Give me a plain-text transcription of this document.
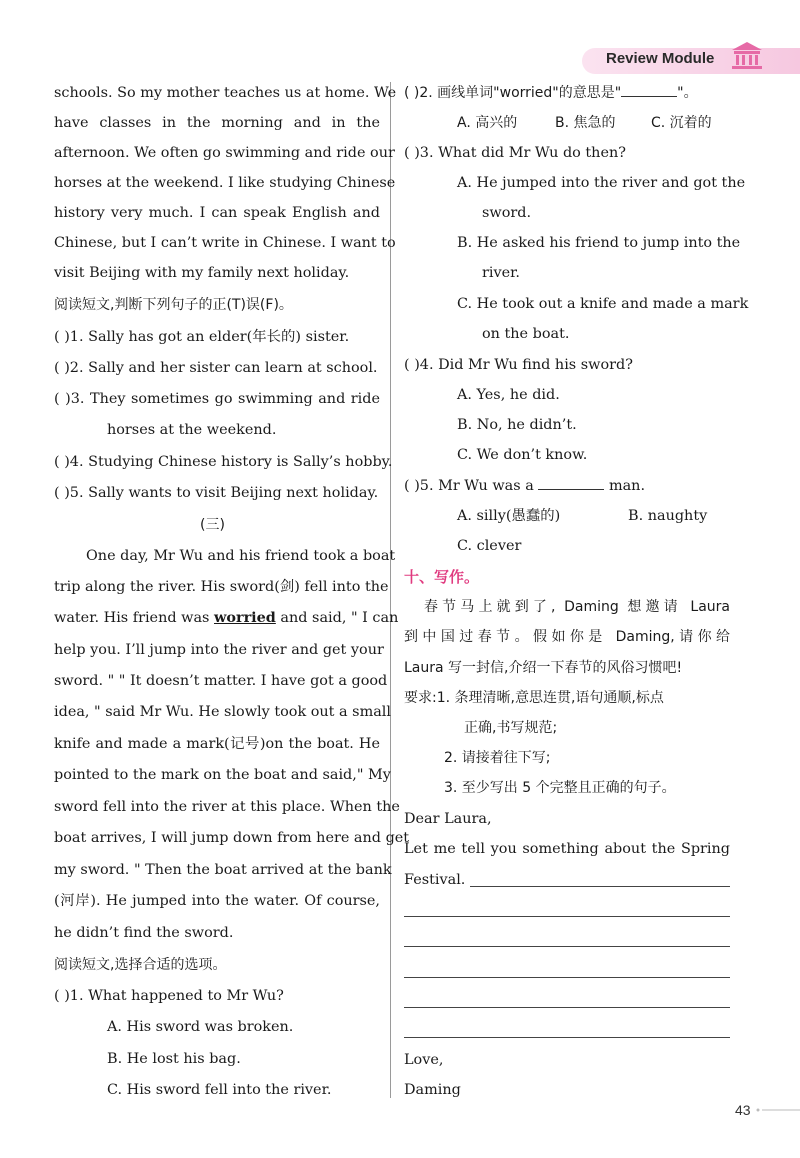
Review Module
schools. So my mother teaches us at home. We
have classes in the morning and in the
afternoon. We often go swimming and ride our
horses at the weekend. I like studying Chinese
history very much. I can speak English and
Chinese, but I can’t write in Chinese. I want to
visit Beijing with my family next holiday.
阅读短文,判断下列句子的正(T)误(F)。
( )1. Sally has got an elder(年长的) sister.
( )2. Sally and her sister can learn at school.
( )3. They sometimes go swimming and ride
horses at the weekend.
( )4. Studying Chinese history is Sally’s hobby.
( )5. Sally wants to visit Beijing next holiday.
(三)
One day, Mr Wu and his friend took a boat
trip along the river. His sword(剑) fell into the
water. His friend was worried and said, " I can
help you. I’ll jump into the river and get your
sword. " " It doesn’t matter. I have got a good
idea, " said Mr Wu. He slowly took out a small
knife and made a mark(记号)on the boat. He
pointed to the mark on the boat and said," My
sword fell into the river at this place. When the
boat arrives, I will jump down from here and get
my sword. " Then the boat arrived at the bank
(河岸). He jumped into the water. Of course,
he didn’t find the sword.
阅读短文,选择合适的选项。
( )1. What happened to Mr Wu?
A. His sword was broken.
B. He lost his bag.
C. His sword fell into the river.
( )2. 画线单词"worried"的意思是"	"。
A. 高兴的	B. 焦急的	C. 沉着的
( )3. What did Mr Wu do then?
A. He jumped into the river and got the
sword.
B. He asked his friend to jump into the
river.
C. He took out a knife and made a mark
on the boat.
( )4. Did Mr Wu find his sword?
A. Yes, he did.
B. No, he didn’t.
C. We don’t know.
( )5. Mr Wu was a	man.
A. silly(愚蠢的)	B. naughty
C. clever
十、写作。
春节马上就到了, Daming 想邀请 Laura
到中国过春节。假如你是 Daming,请你给
Laura 写一封信,介绍一下春节的风俗习惯吧!
要求:1. 条理清晰,意思连贯,语句通顺,标点
正确,书写规范;
2. 请接着往下写;
3. 至少写出 5 个完整且正确的句子。
Dear Laura,
Let me tell you something about the Spring
Festival.
Love,
Daming
43
